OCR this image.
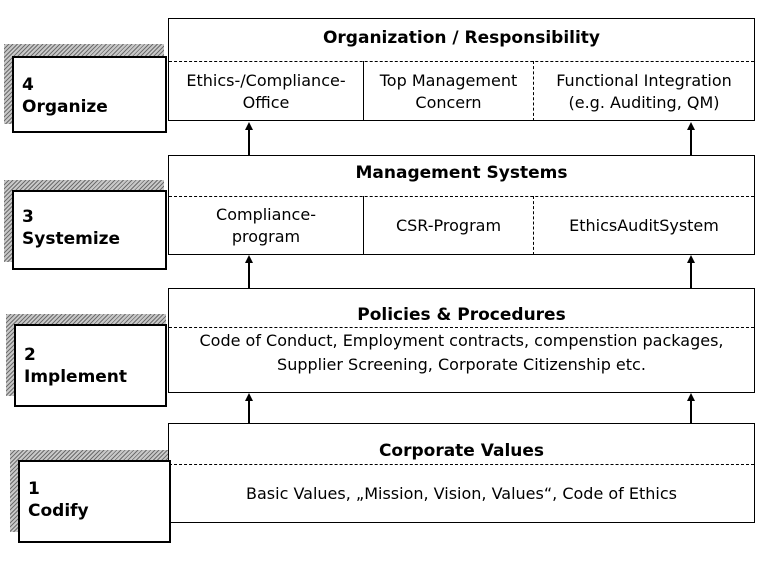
Organization / Responsibility
Ethics-/Compliance-
Office
Top Management
Concern
Functional Integration
(e.g. Auditing, QM)
4
Organize
Management Systems
Compliance-
program
CSR-Program	EthicsAuditSystem
3
Systemize
Policies & Procedures
Code of Conduct, Employment contracts, compenstion packages, Supplier Screening, Corporate Citizenship etc.
2
Implement
Corporate Values
Basic Values, „Mission, Vision, Values“, Code of Ethics
1
Codify
